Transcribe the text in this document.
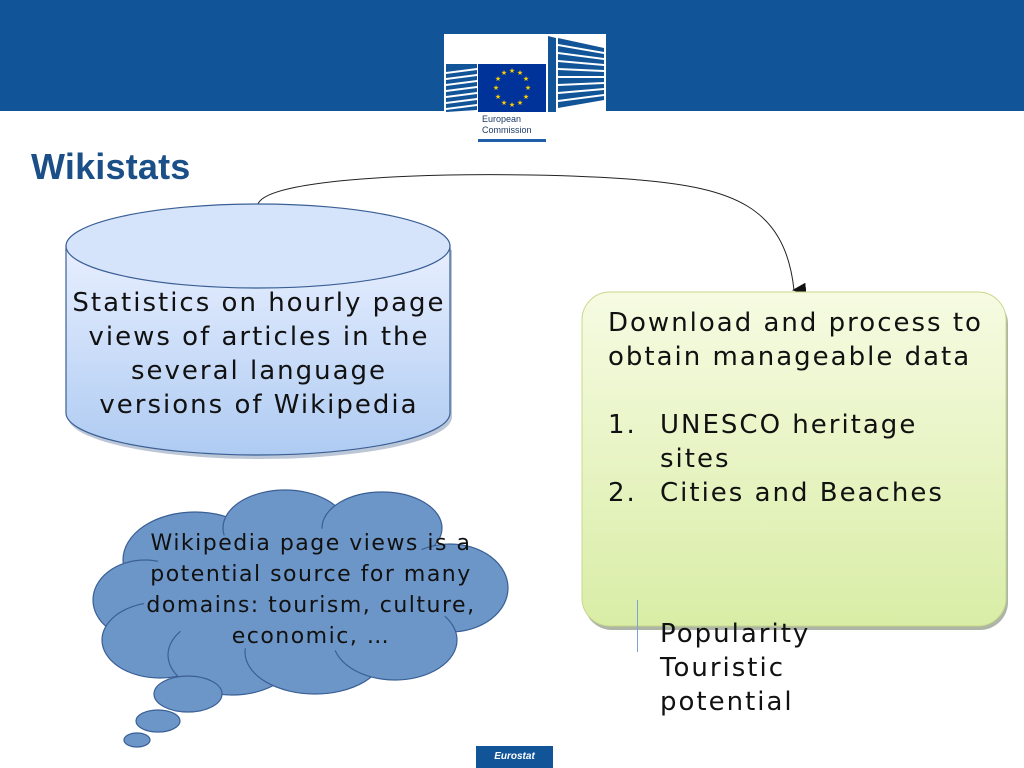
★ ★
★
★
★
★
★
★
★
★
★
★
European
Commission
Wikistats
Statistics on hourly page views of articles in the several language versions of Wikipedia
Wikipedia page views is a potential source for many domains: tourism, culture, economic, …
Download and process to obtain manageable data
1. UNESCO heritage sites
2. Cities and Beaches
Popularity
Touristic
potential
Eurostat
